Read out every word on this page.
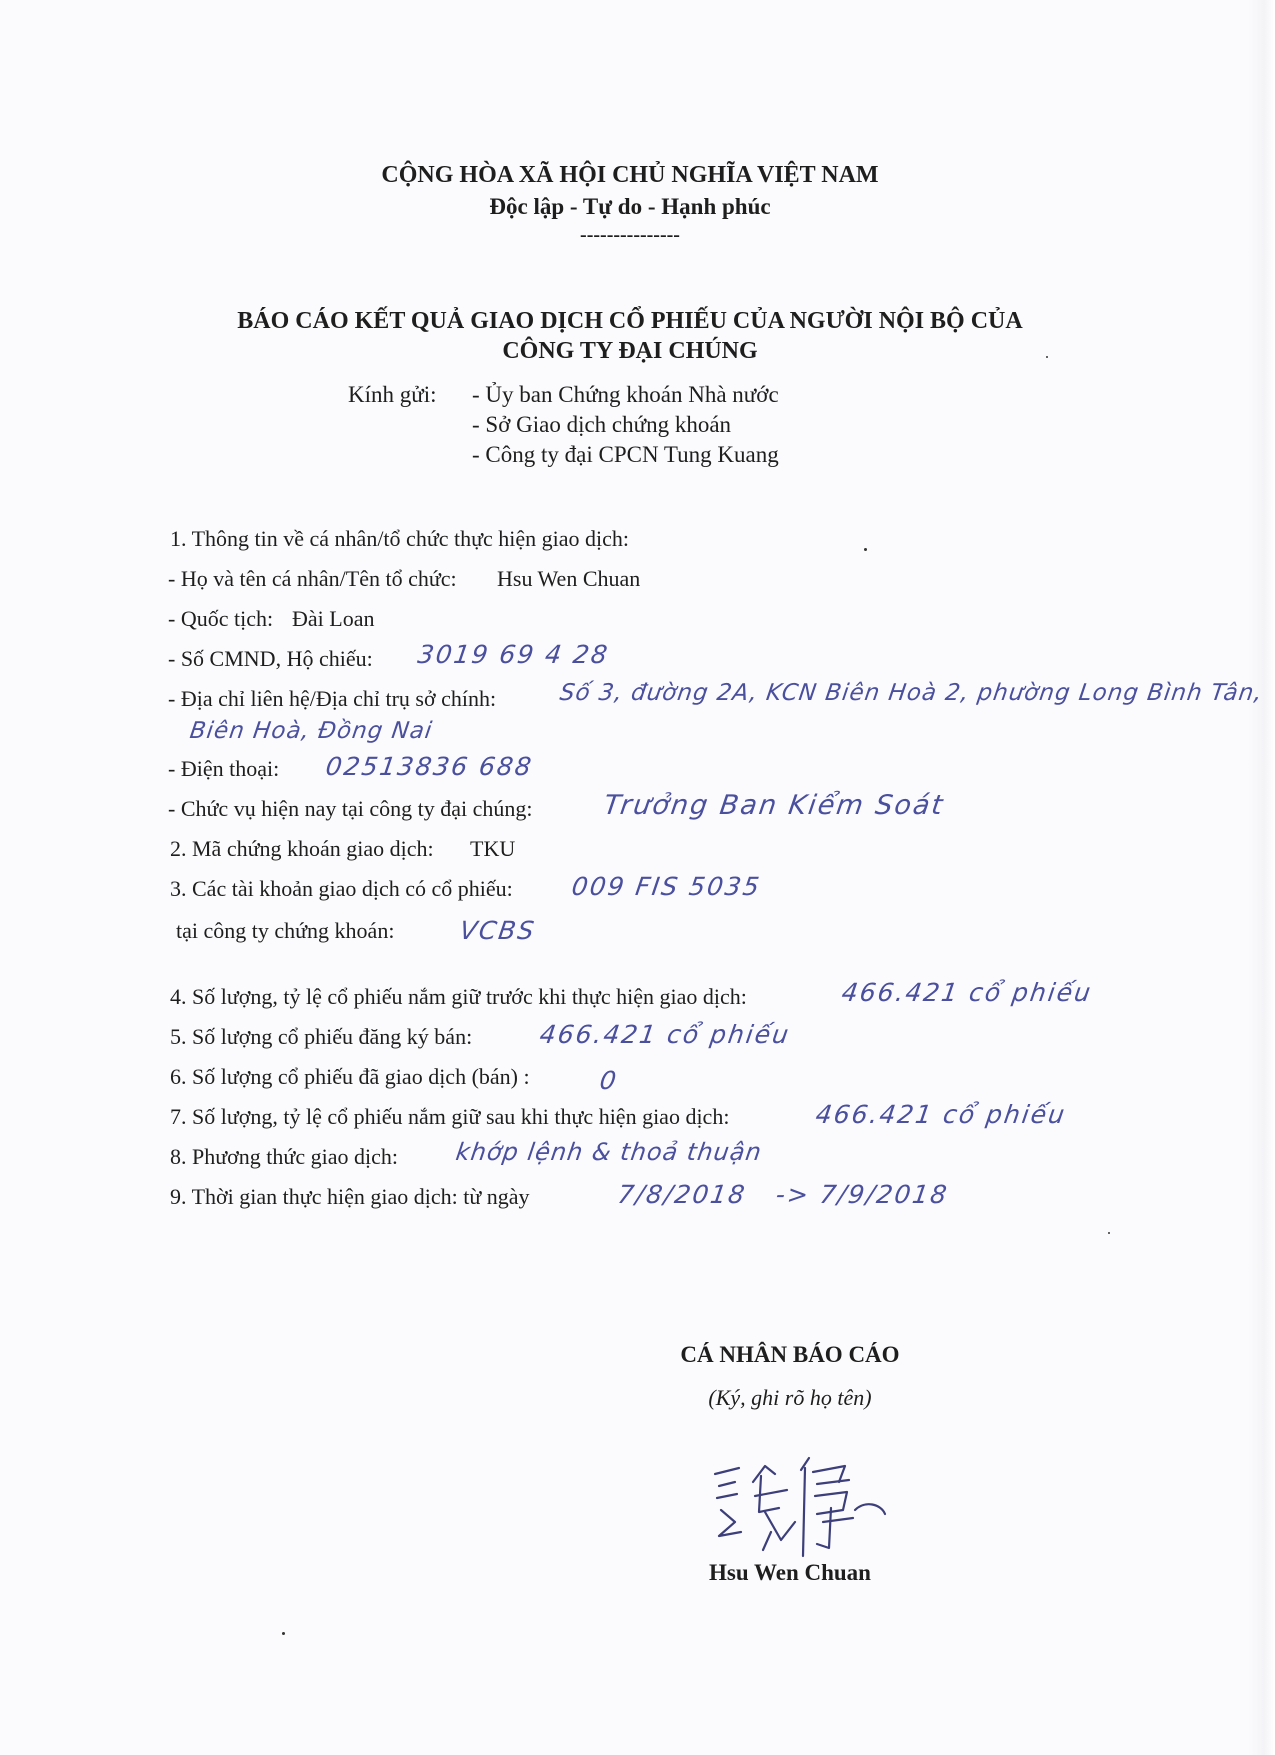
CỘNG HÒA XÃ HỘI CHỦ NGHĨA VIỆT NAM
Độc lập - Tự do - Hạnh phúc
---------------
BÁO CÁO KẾT QUẢ GIAO DỊCH CỔ PHIẾU CỦA NGƯỜI NỘI BỘ CỦA
CÔNG TY ĐẠI CHÚNG
Kính gửi: - Ủy ban Chứng khoán Nhà nước
- Sở Giao dịch chứng khoán
- Công ty đại CPCN Tung Kuang
1. Thông tin về cá nhân/tổ chức thực hiện giao dịch:
- Họ và tên cá nhân/Tên tổ chức: Hsu Wen Chuan
- Quốc tịch: Đài Loan
- Số CMND, Hộ chiếu: 3019 69 4 28
- Địa chỉ liên hệ/Địa chỉ trụ sở chính:	Số 3, đường 2A, KCN Biên Hoà 2, phường Long Bình Tân,
Biên Hoà, Đồng Nai
- Điện thoại: 02513836 688
- Chức vụ hiện nay tại công ty đại chúng:	Trưởng Ban Kiểm Soát
2. Mã chứng khoán giao dịch: TKU
3. Các tài khoản giao dịch có cổ phiếu: 009 FIS 5035
tại công ty chứng khoán:	VCBS
4. Số lượng, tỷ lệ cổ phiếu nắm giữ trước khi thực hiện giao dịch:	466.421 cổ phiếu
5. Số lượng cổ phiếu đăng ký bán:	466.421 cổ phiếu
6. Số lượng cổ phiếu đã giao dịch (bán) :	0
7. Số lượng, tỷ lệ cổ phiếu nắm giữ sau khi thực hiện giao dịch:	466.421 cổ phiếu
8. Phương thức giao dịch: khớp lệnh & thoả thuận
9. Thời gian thực hiện giao dịch: từ ngày	7/8/2018   -> 7/9/2018
CÁ NHÂN BÁO CÁO
(Ký, ghi rõ họ tên)
Hsu Wen Chuan
